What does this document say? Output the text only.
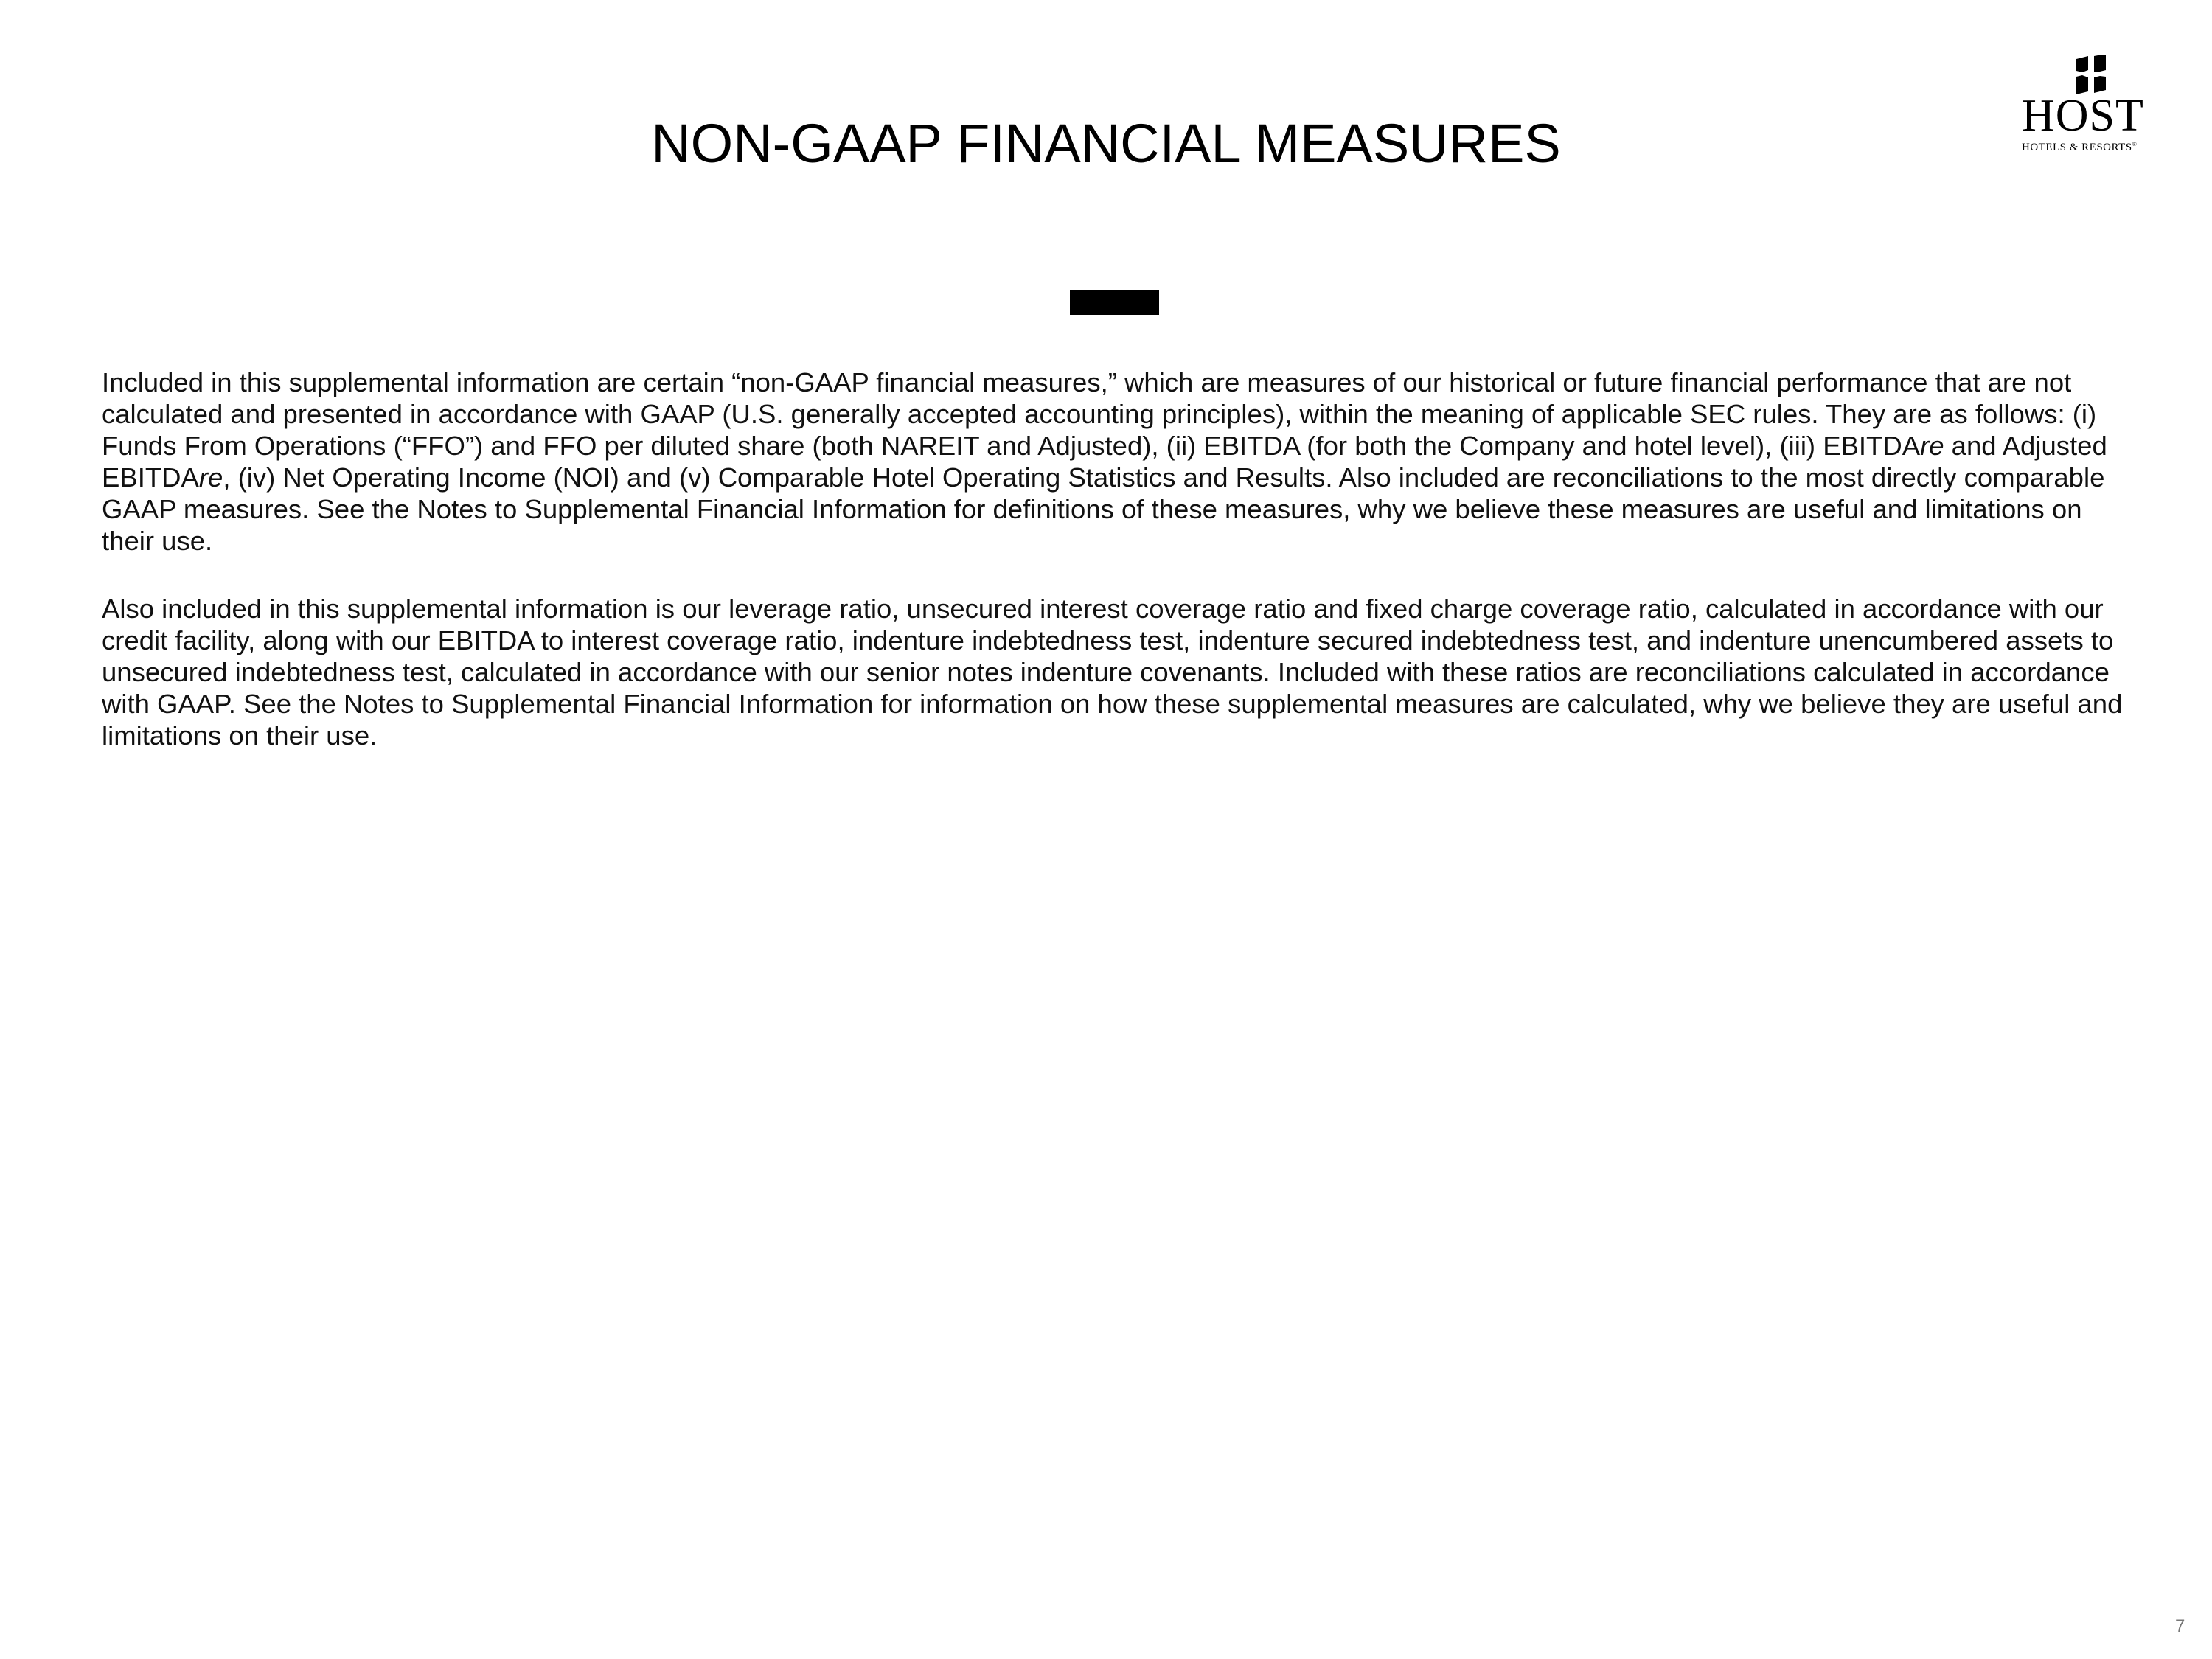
NON-GAAP FINANCIAL MEASURES	HOST
HOTELS & RESORTS®

Included in this supplemental information are certain “non-GAAP financial measures,” which are measures of our historical or future financial performance that are not calculated and presented in accordance with GAAP (U.S. generally accepted accounting principles), within the meaning of applicable SEC rules. They are as follows: (i) Funds From Operations (“FFO”) and FFO per diluted share (both NAREIT and Adjusted), (ii) EBITDA (for both the Company and hotel level), (iii) EBITDAre and Adjusted EBITDAre, (iv) Net Operating Income (NOI) and (v) Comparable Hotel Operating Statistics and Results. Also included are reconciliations to the most directly comparable GAAP measures. See the Notes to Supplemental Financial Information for definitions of these measures, why we believe these measures are useful and limitations on their use.

Also included in this supplemental information is our leverage ratio, unsecured interest coverage ratio and fixed charge coverage ratio, calculated in accordance with our credit facility, along with our EBITDA to interest coverage ratio, indenture indebtedness test, indenture secured indebtedness test, and indenture unencumbered assets to unsecured indebtedness test, calculated in accordance with our senior notes indenture covenants. Included with these ratios are reconciliations calculated in accordance with GAAP. See the Notes to Supplemental Financial Information for information on how these supplemental measures are calculated, why we believe they are useful and limitations on their use.

7
